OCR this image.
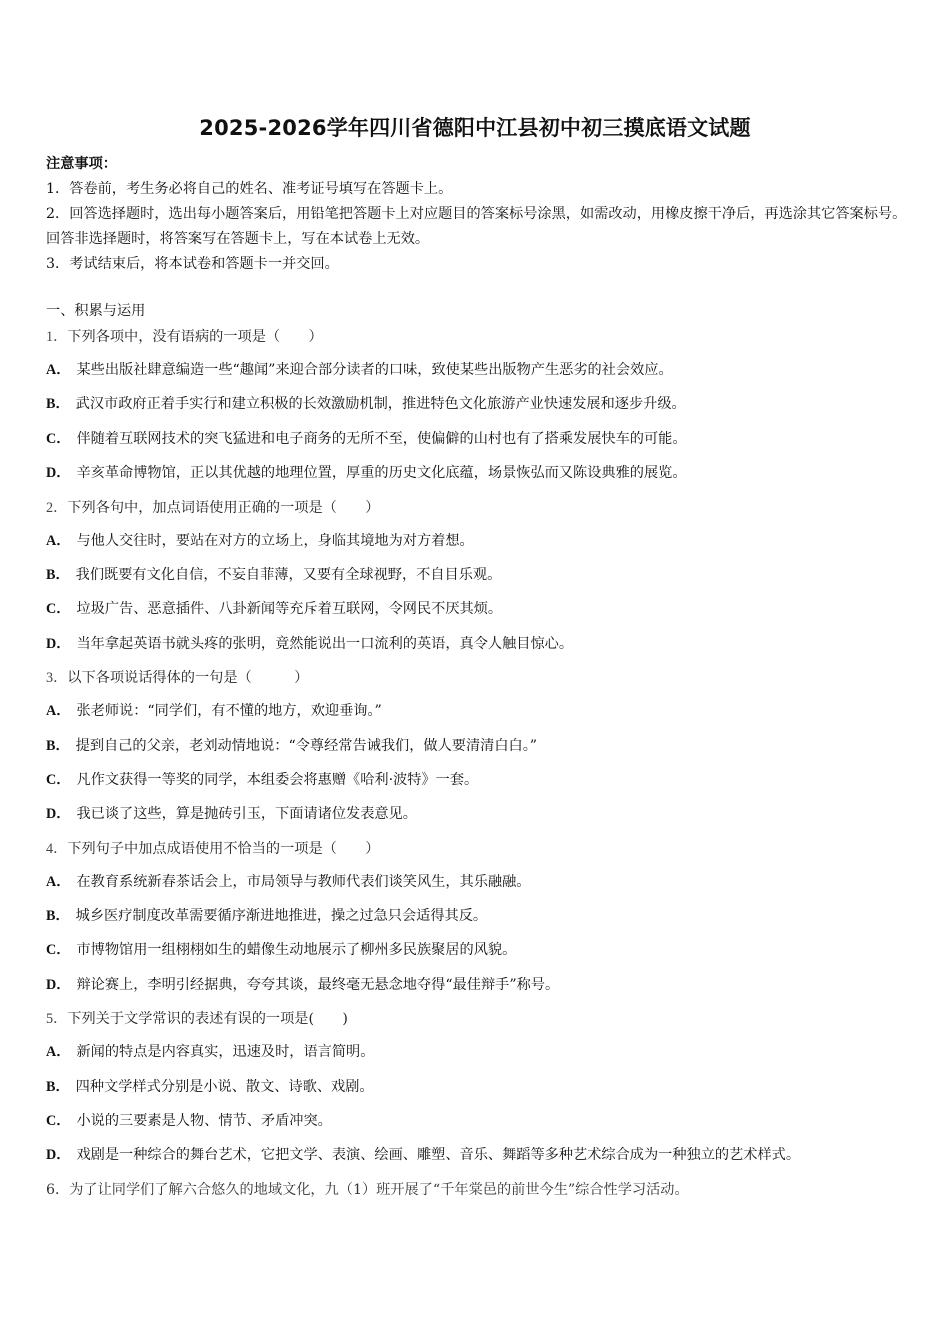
2025-2026学年四川省德阳中江县初中初三摸底语文试题

注意事项：

1．答卷前，考生务必将自己的姓名、准考证号填写在答题卡上。

2．回答选择题时，选出每小题答案后，用铅笔把答题卡上对应题目的答案标号涂黑，如需改动，用橡皮擦干净后，再选涂其它答案标号。回答非选择题时，将答案写在答题卡上，写在本试卷上无效。

3．考试结束后，将本试卷和答题卡一并交回。

一、积累与运用

1．下列各项中，没有语病的一项是（　　）

A． 某些出版社肆意编造一些“趣闻”来迎合部分读者的口味，致使某些出版物产生恶劣的社会效应。

B． 武汉市政府正着手实行和建立积极的长效激励机制，推进特色文化旅游产业快速发展和逐步升级。

C． 伴随着互联网技术的突飞猛进和电子商务的无所不至，使偏僻的山村也有了搭乘发展快车的可能。

D． 辛亥革命博物馆，正以其优越的地理位置，厚重的历史文化底蕴，场景恢弘而又陈设典雅的展览。

2．下列各句中，加点词语使用正确的一项是（　　）

A． 与他人交往时，要站在对方的立场上，身临其境地为对方着想。

B． 我们既要有文化自信，不妄自菲薄，又要有全球视野，不自目乐观。

C． 垃圾广告、恶意插件、八卦新闻等充斥着互联网，令网民不厌其烦。

D． 当年拿起英语书就头疼的张明，竟然能说出一口流利的英语，真令人触目惊心。

3．以下各项说话得体的一句是（　　　）

A． 张老师说：“同学们，有不懂的地方，欢迎垂询。”

B． 提到自己的父亲，老刘动情地说：“令尊经常告诫我们，做人要清清白白。”

C． 凡作文获得一等奖的同学，本组委会将惠赠《哈利·波特》一套。

D． 我已谈了这些，算是抛砖引玉，下面请诸位发表意见。

4．下列句子中加点成语使用不恰当的一项是（　　）

A． 在教育系统新春茶话会上，市局领导与教师代表们谈笑风生，其乐融融。

B． 城乡医疗制度改革需要循序渐进地推进，操之过急只会适得其反。

C． 市博物馆用一组栩栩如生的蜡像生动地展示了柳州多民族聚居的风貌。

D． 辩论赛上，李明引经据典，夸夸其谈，最终毫无悬念地夺得“最佳辩手”称号。

5．下列关于文学常识的表述有误的一项是(　　)

A． 新闻的特点是内容真实，迅速及时，语言简明。

B． 四种文学样式分别是小说、散文、诗歌、戏剧。

C． 小说的三要素是人物、情节、矛盾冲突。

D． 戏剧是一种综合的舞台艺术，它把文学、表演、绘画、雕塑、音乐、舞蹈等多种艺术综合成为一种独立的艺术样式。

6．为了让同学们了解六合悠久的地域文化，九（1）班开展了“千年棠邑的前世今生”综合性学习活动。
